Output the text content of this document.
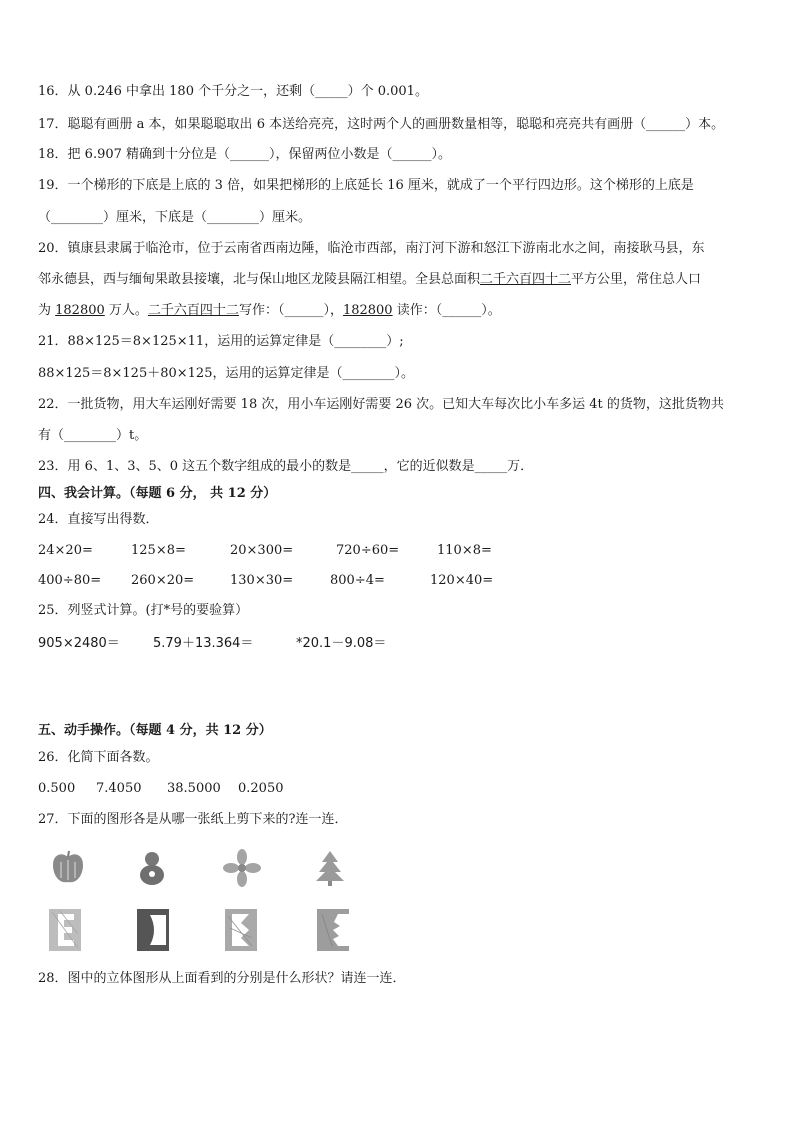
16．从 0.246 中拿出 180 个千分之一，还剩（_____）个 0.001。
17．聪聪有画册 a 本，如果聪聪取出 6 本送给亮亮，这时两个人的画册数量相等，聪聪和亮亮共有画册（______）本。
18．把 6.907 精确到十分位是（______），保留两位小数是（______）。
19．一个梯形的下底是上底的 3 倍，如果把梯形的上底延长 16 厘米，就成了一个平行四边形。这个梯形的上底是
（________）厘米，下底是（________）厘米。
20．镇康县隶属于临沧市，位于云南省西南边陲，临沧市西部，南汀河下游和怒江下游南北水之间，南接耿马县，东
邻永德县，西与缅甸果敢县接壤，北与保山地区龙陵县隔江相望。全县总面积二千六百四十二平方公里，常住总人口
为 182800 万人。二千六百四十二写作：（______），182800 读作：（______）。
21．88×125＝8×125×11，运用的运算定律是（________）;
88×125＝8×125＋80×125，运用的运算定律是（________）。
22．一批货物，用大车运刚好需要 18 次，用小车运刚好需要 26 次。已知大车每次比小车多运 4t 的货物，这批货物共
有（________）t。
23．用 6、1、3、5、0 这五个数字组成的最小的数是_____，它的近似数是_____万．
四、我会计算。（每题 6 分， 共 12 分）
24．直接写出得数．
24×20=	125×8=	20×300=	720÷60=	110×8=
400÷80= 260×20=	130×30=	800÷4=	120×40=
25．列竖式计算。(打*号的要验算）
905×2480＝	5.79＋13.364＝	*20.1－9.08＝
五、动手操作。（每题 4 分，共 12 分）
26．化简下面各数。
0.500 7.4050 38.5000 0.2050
27．下面的图形各是从哪一张纸上剪下来的?连一连．
28．图中的立体图形从上面看到的分别是什么形状？请连一连．
